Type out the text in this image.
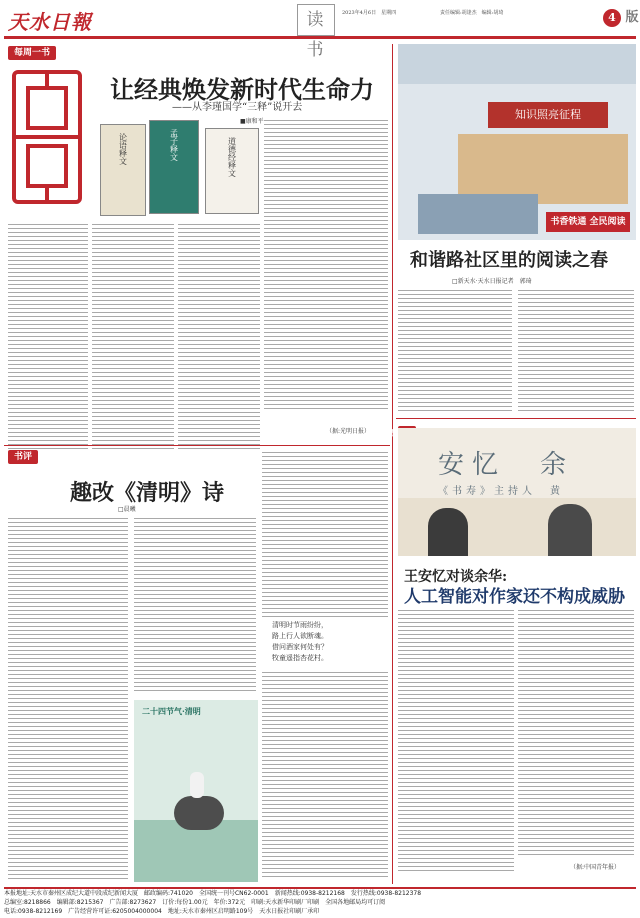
天水日報	读书
2023年4月6日　星期四	责任编辑:胡逢杰　编辑:胡琦	4 版
每周一书
让经典焕发新时代生命力
——从李瑾国学“三释”说开去
■康和平
论语释文	孟子释文	道德经释文
（据:光明日报）
知识照亮征程
书香铁通 全民阅读
和谐路社区里的阅读之春
□新天水·天水日报记者　郭琦
事
安忆　余
《书寿》主持人　黄
王安忆对谈余华:
人工智能对作家还不构成威胁
（据:中国青年报）
书评
趣改《清明》诗
□晨曦
清明时节雨纷纷，
路上行人欲断魂。
借问酒家何处有？
牧童遥指杏花村。
二十四节气·清明
本报地址:天水市秦州区成纪大道中段成纪新闻大厦　邮政编码:741020　全国统一刊号CN62-0001　新闻热线:0938-8212168　发行热线:0938-8212378
总编室:8218866　编辑部:8215367　广告部:8273627　订价:每份1.00元　年价:372元　印刷:天水新华印刷厂印刷　全国各地邮局均可订阅
电话:0938-8212169　广告经营许可证:6205004000004　地址:天水市秦州区启明路109号　天水日报社印刷厂承印
